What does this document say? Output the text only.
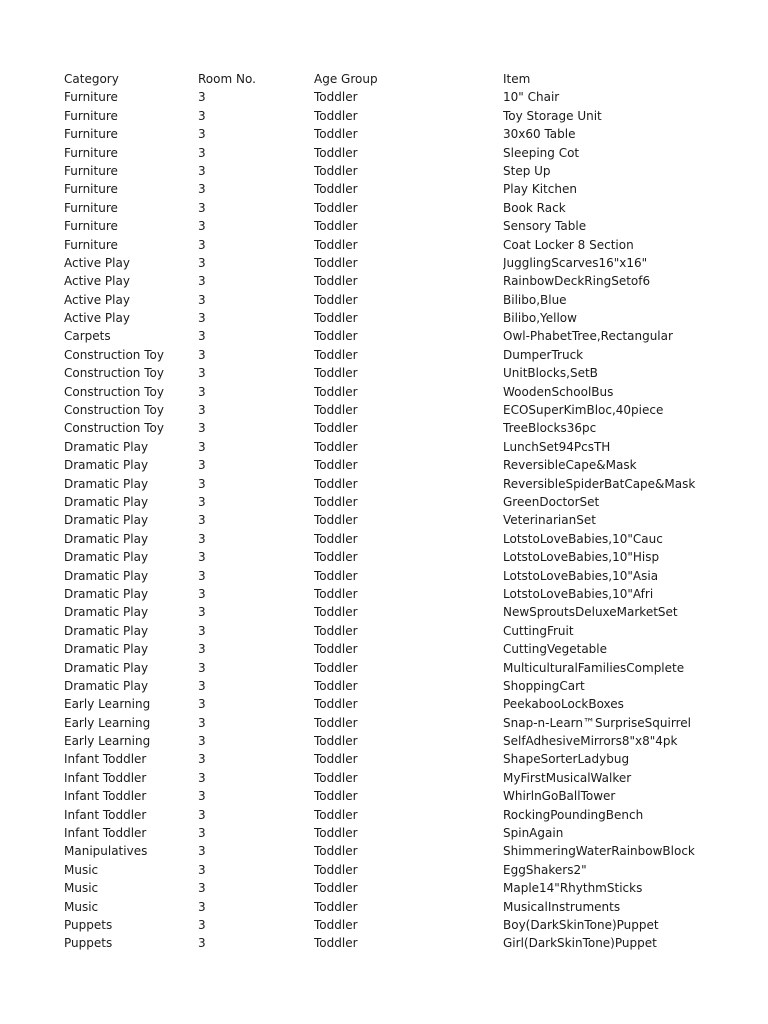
Category	Room No.	Age Group	Item
Furniture	3	Toddler	10" Chair
Furniture	3	Toddler	Toy Storage Unit
Furniture	3	Toddler	30x60 Table
Furniture	3	Toddler	Sleeping Cot
Furniture	3	Toddler	Step Up
Furniture	3	Toddler	Play Kitchen
Furniture	3	Toddler	Book Rack
Furniture	3	Toddler	Sensory Table
Furniture	3	Toddler	Coat Locker 8 Section
Active Play	3	Toddler	JugglingScarves16"x16"
Active Play	3	Toddler	RainbowDeckRingSetof6
Active Play	3	Toddler	Bilibo,Blue
Active Play	3	Toddler	Bilibo,Yellow
Carpets	3	Toddler	Owl-PhabetTree,Rectangular
Construction Toy	3	Toddler	DumperTruck
Construction Toy	3	Toddler	UnitBlocks,SetB
Construction Toy	3	Toddler	WoodenSchoolBus
Construction Toy	3	Toddler	ECOSuperKimBloc,40piece
Construction Toy	3	Toddler	TreeBlocks36pc
Dramatic Play	3	Toddler	LunchSet94PcsTH
Dramatic Play	3	Toddler	ReversibleCape&Mask
Dramatic Play	3	Toddler	ReversibleSpiderBatCape&Mask
Dramatic Play	3	Toddler	GreenDoctorSet
Dramatic Play	3	Toddler	VeterinarianSet
Dramatic Play	3	Toddler	LotstoLoveBabies,10"Cauc
Dramatic Play	3	Toddler	LotstoLoveBabies,10"Hisp
Dramatic Play	3	Toddler	LotstoLoveBabies,10"Asia
Dramatic Play	3	Toddler	LotstoLoveBabies,10"Afri
Dramatic Play	3	Toddler	NewSproutsDeluxeMarketSet
Dramatic Play	3	Toddler	CuttingFruit
Dramatic Play	3	Toddler	CuttingVegetable
Dramatic Play	3	Toddler	MulticulturalFamiliesComplete
Dramatic Play	3	Toddler	ShoppingCart
Early Learning	3	Toddler	PeekabooLockBoxes
Early Learning	3	Toddler	Snap-n-Learn™SurpriseSquirrel
Early Learning	3	Toddler	SelfAdhesiveMirrors8"x8"4pk
Infant Toddler	3	Toddler	ShapeSorterLadybug
Infant Toddler	3	Toddler	MyFirstMusicalWalker
Infant Toddler	3	Toddler	WhirlnGoBallTower
Infant Toddler	3	Toddler	RockingPoundingBench
Infant Toddler	3	Toddler	SpinAgain
Manipulatives	3	Toddler	ShimmeringWaterRainbowBlock
Music	3	Toddler	EggShakers2"
Music	3	Toddler	Maple14"RhythmSticks
Music	3	Toddler	MusicalInstruments
Puppets	3	Toddler	Boy(DarkSkinTone)Puppet
Puppets	3	Toddler	Girl(DarkSkinTone)Puppet
